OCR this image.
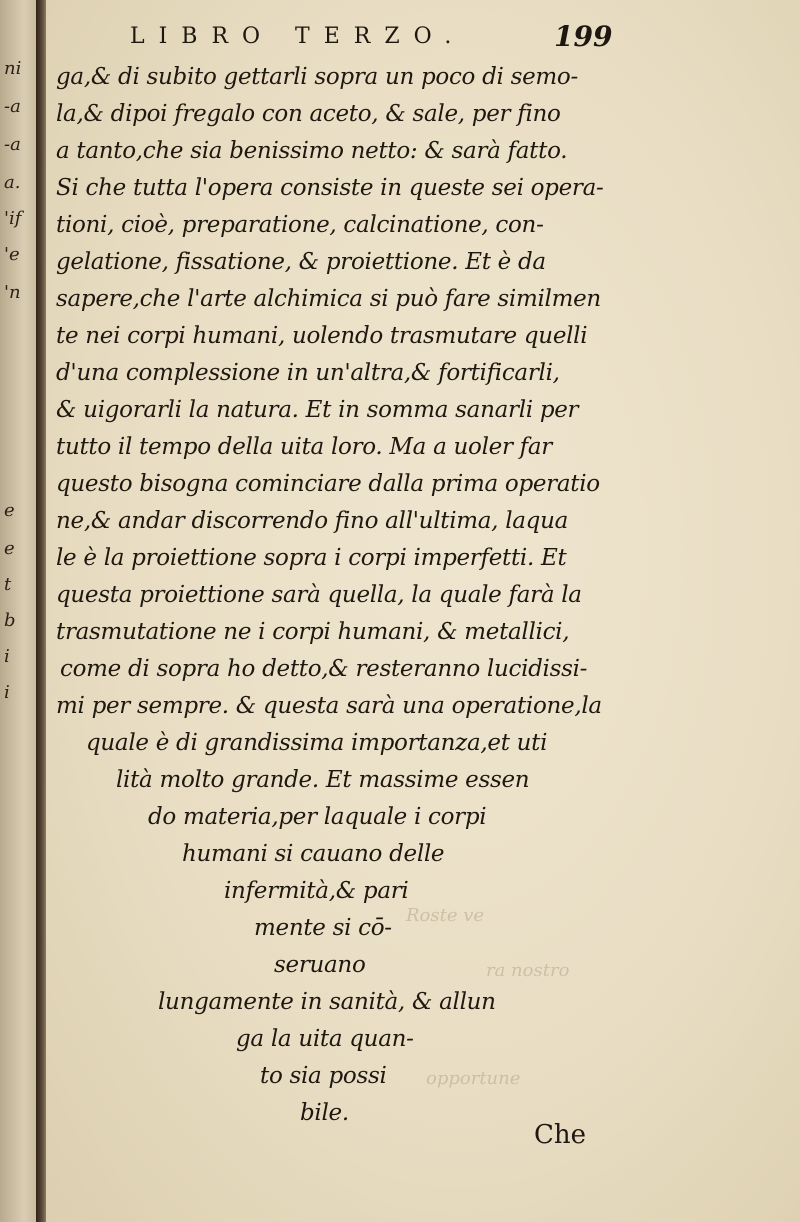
ni
-a
-a
a.
'if
'e
'n
e
e
t
b
i
i
LIBRO TERZO.	199
Roste ve
ra nostro
opportune
ga,& di subito gettarli sopra un poco di semo-
la,& dipoi fregalo con aceto, & sale, per fino
a tanto,che sia benissimo netto: & sarà fatto.
Si che tutta l'opera consiste in queste sei opera-
tioni, cioè, preparatione, calcinatione, con-
gelatione, fissatione, & proiettione. Et è da
sapere,che l'arte alchimica si può fare similmen
te nei corpi humani, uolendo trasmutare quelli
d'una complessione in un'altra,& fortificarli,
& uigorarli la natura. Et in somma sanarli per
tutto il tempo della uita loro. Ma a uoler far
questo bisogna cominciare dalla prima operatio
ne,& andar discorrendo fino all'ultima, laqua
le è la proiettione sopra i corpi imperfetti. Et
questa proiettione sarà quella, la quale farà la
trasmutatione ne i corpi humani, & metallici,
come di sopra ho detto,& resteranno lucidissi-
mi per sempre. & questa sarà una operatione,la
quale è di grandissima importanza,et uti
lità molto grande. Et massime essen
do materia,per laquale i corpi
humani si cauano delle
infermità,& pari
mente si cō-
seruano
lungamente in sanità, & allun
ga la uita quan-
to sia possi
bile.
Che
